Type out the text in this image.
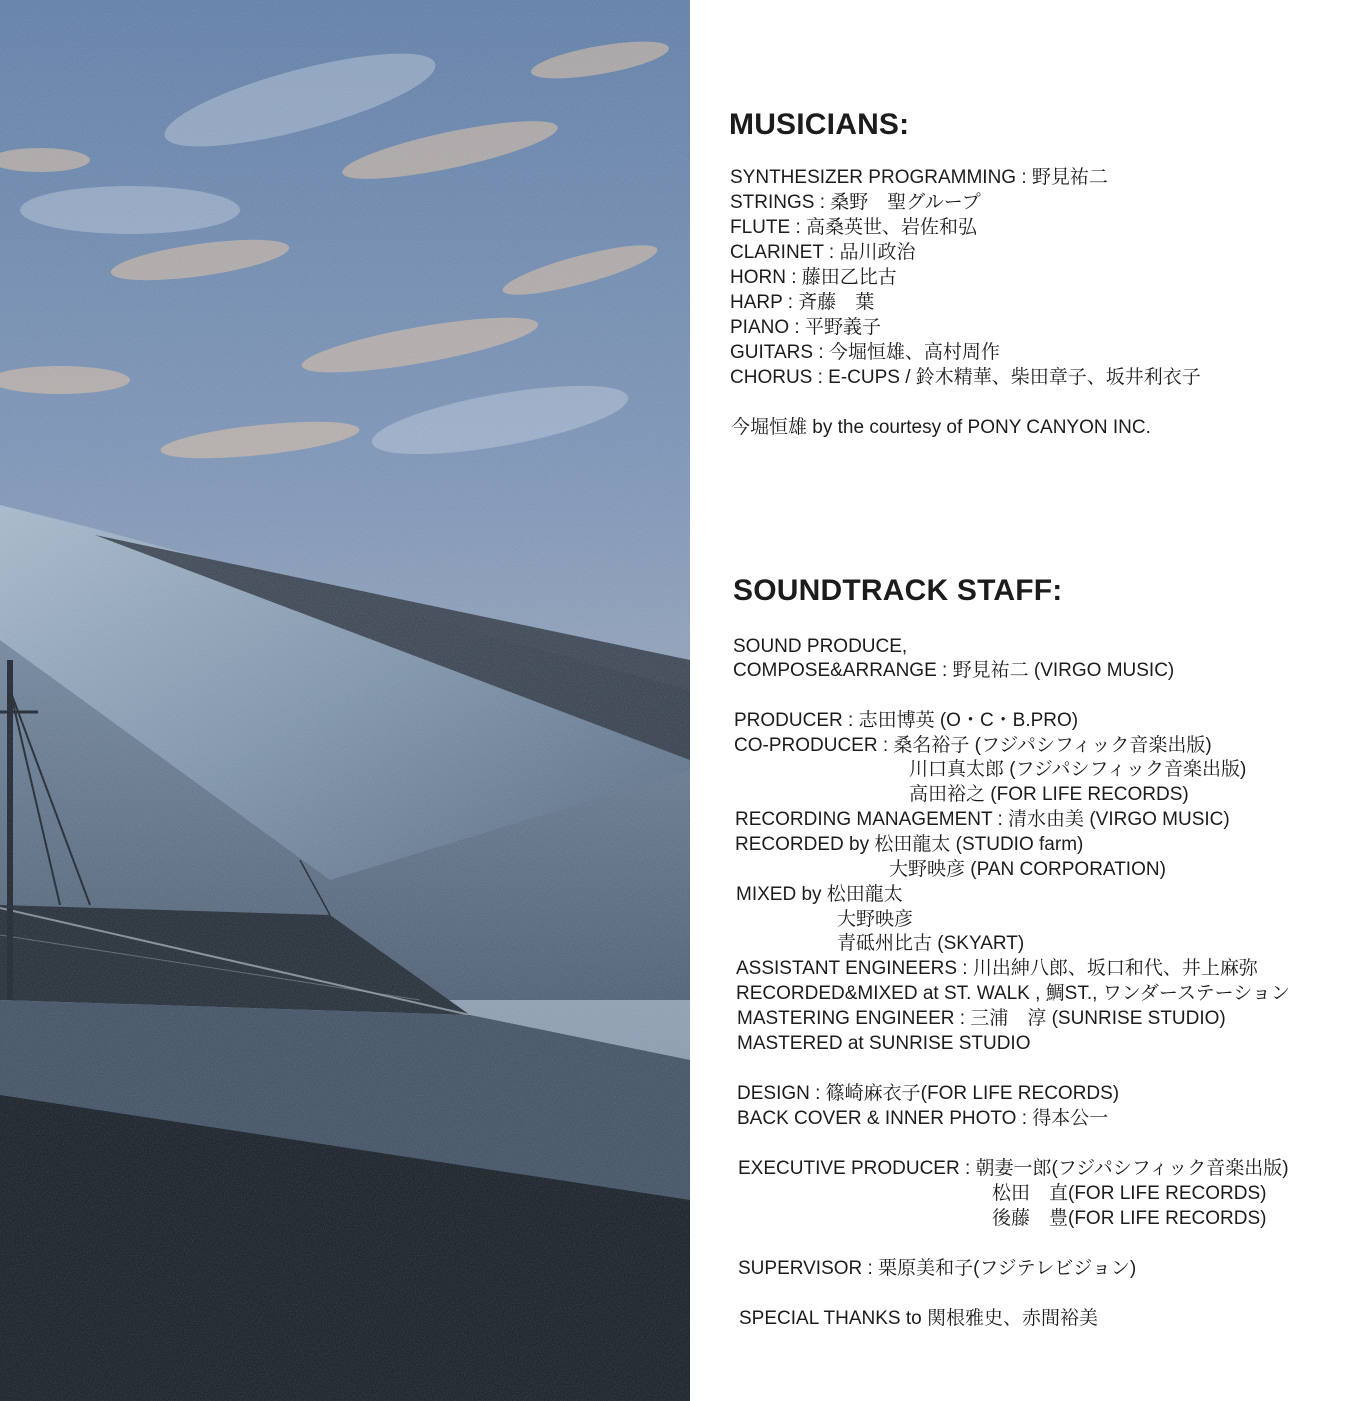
MUSICIANS:
SYNTHESIZER PROGRAMMING : 野見祐二
STRINGS : 桑野　聖グループ
FLUTE : 高桑英世、岩佐和弘
CLARINET : 品川政治
HORN : 藤田乙比古
HARP : 斉藤　葉
PIANO : 平野義子
GUITARS : 今堀恒雄、高村周作
CHORUS : E-CUPS / 鈴木精華、柴田章子、坂井利衣子
今堀恒雄 by the courtesy of PONY CANYON INC.
SOUNDTRACK STAFF:
SOUND PRODUCE,
COMPOSE&ARRANGE : 野見祐二 (VIRGO MUSIC)
PRODUCER : 志田博英 (O・C・B.PRO)
CO-PRODUCER : 桑名裕子 (フジパシフィック音楽出版)
川口真太郎 (フジパシフィック音楽出版)
高田裕之 (FOR LIFE RECORDS)
RECORDING MANAGEMENT : 清水由美 (VIRGO MUSIC)
RECORDED by 松田龍太 (STUDIO farm)
大野映彦 (PAN CORPORATION)
MIXED by 松田龍太
大野映彦
青砥州比古 (SKYART)
ASSISTANT ENGINEERS : 川出紳八郎、坂口和代、井上麻弥
RECORDED&MIXED at ST. WALK , 鯛ST., ワンダーステーション
MASTERING ENGINEER : 三浦　淳 (SUNRISE STUDIO)
MASTERED at SUNRISE STUDIO
DESIGN : 篠崎麻衣子(FOR LIFE RECORDS)
BACK COVER & INNER PHOTO : 得本公一
EXECUTIVE PRODUCER : 朝妻一郎(フジパシフィック音楽出版)
松田　直(FOR LIFE RECORDS)
後藤　豊(FOR LIFE RECORDS)
SUPERVISOR : 栗原美和子(フジテレビジョン)
SPECIAL THANKS to 関根雅史、赤間裕美
